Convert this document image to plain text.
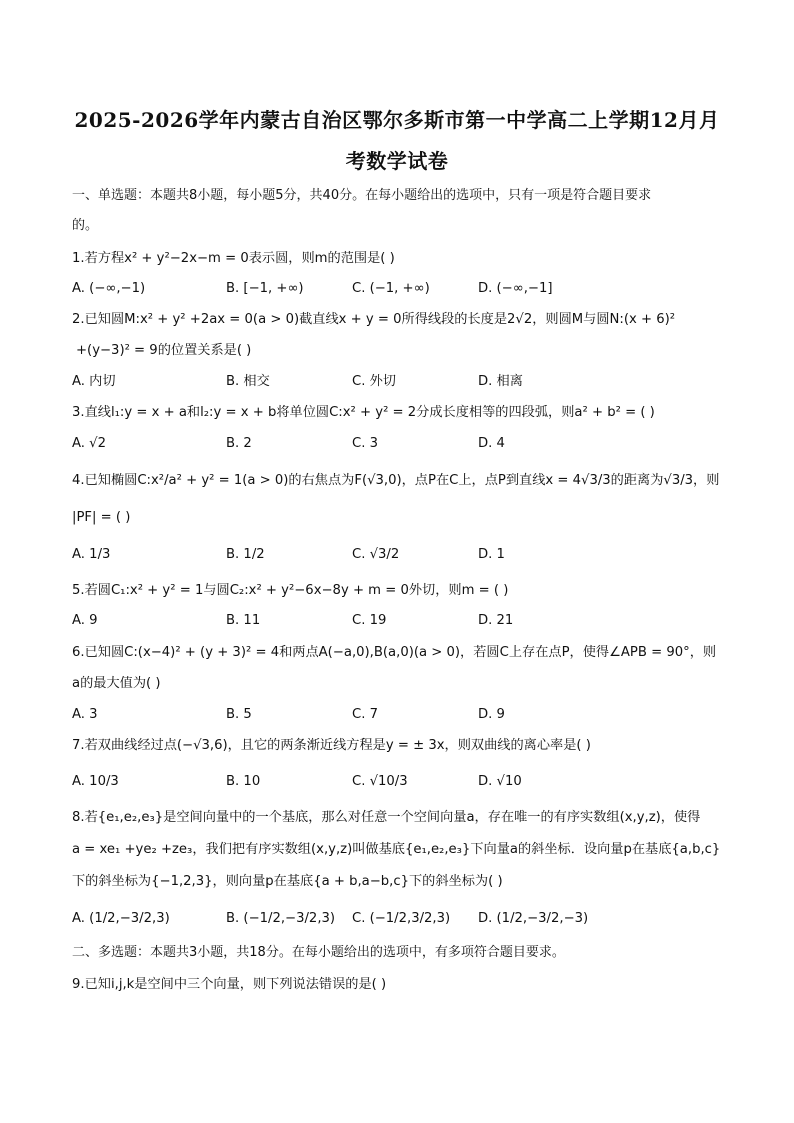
2025-2026学年内蒙古自治区鄂尔多斯市第一中学高二上学期12月月
考数学试卷
一、单选题：本题共8小题，每小题5分，共40分。在每小题给出的选项中，只有一项是符合题目要求
的。
1.若方程x² + y²−2x−m = 0表示圆，则m的范围是( )
A. (−∞,−1)	B. [−1, +∞)	C. (−1, +∞)	D. (−∞,−1]
2.已知圆M:x² + y² +2ax = 0(a > 0)截直线x + y = 0所得线段的长度是2√2，则圆M与圆N:(x + 6)²
+(y−3)² = 9的位置关系是( )
A. 内切	B. 相交	C. 外切	D. 相离
3.直线l₁:y = x + a和l₂:y = x + b将单位圆C:x² + y² = 2分成长度相等的四段弧，则a² + b² = ( )
A. √2	B. 2	C. 3	D. 4
4.已知椭圆C:x²/a² + y² = 1(a > 0)的右焦点为F(√3,0)，点P在C上，点P到直线x = 4√3/3的距离为√3/3，则
|PF| = ( )
A. 1/3	B. 1/2	C. √3/2	D. 1
5.若圆C₁:x² + y² = 1与圆C₂:x² + y²−6x−8y + m = 0外切，则m = ( )
A. 9	B. 11	C. 19	D. 21
6.已知圆C:(x−4)² + (y + 3)² = 4和两点A(−a,0),B(a,0)(a > 0)，若圆C上存在点P，使得∠APB = 90°，则
a的最大值为( )
A. 3	B. 5	C. 7	D. 9
7.若双曲线经过点(−√3,6)，且它的两条渐近线方程是y = ± 3x，则双曲线的离心率是( )
A. 10/3	B. 10	C. √10/3	D. √10
8.若{e₁,e₂,e₃}是空间向量中的一个基底，那么对任意一个空间向量a，存在唯一的有序实数组(x,y,z)，使得
a = xe₁ +ye₂ +ze₃，我们把有序实数组(x,y,z)叫做基底{e₁,e₂,e₃}下向量a的斜坐标．设向量p在基底{a,b,c}
下的斜坐标为{−1,2,3}，则向量p在基底{a + b,a−b,c}下的斜坐标为( )
A. (1/2,−3/2,3)	B. (−1/2,−3/2,3) C. (−1/2,3/2,3) D. (1/2,−3/2,−3)
二、多选题：本题共3小题，共18分。在每小题给出的选项中，有多项符合题目要求。
9.已知i,j,k是空间中三个向量，则下列说法错误的是( )
